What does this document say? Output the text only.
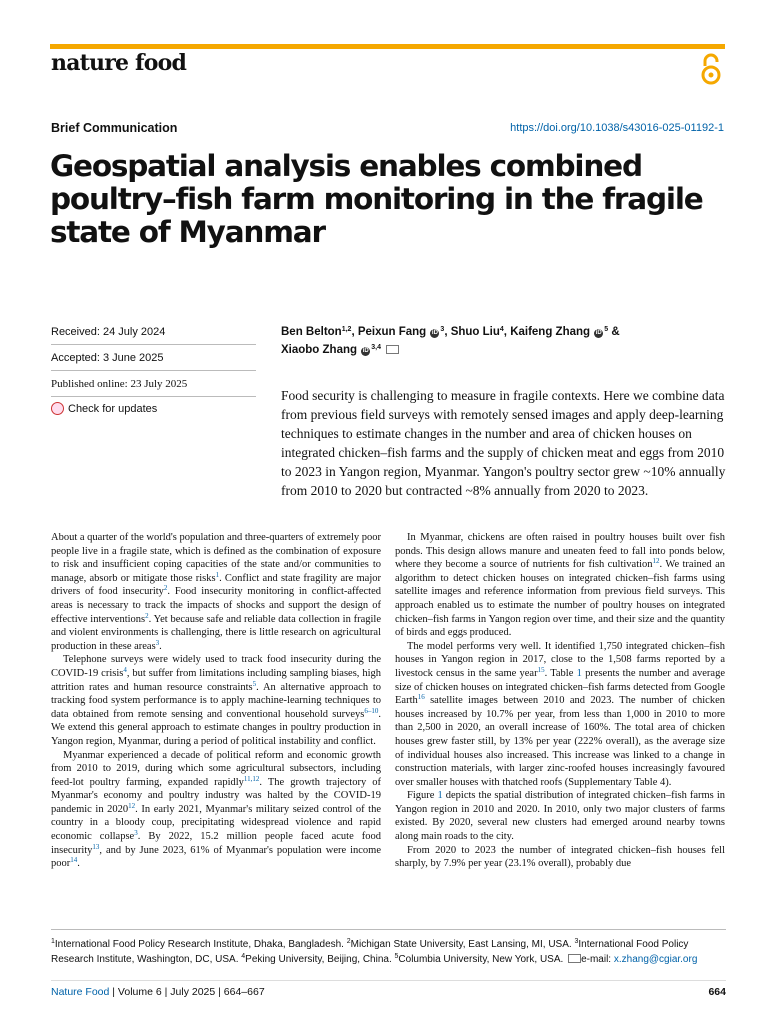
nature food
Brief Communication	https://doi.org/10.1038/s43016-025-01192-1
Geospatial analysis enables combined poultry–fish farm monitoring in the fragile state of Myanmar
Received: 24 July 2024
Accepted: 3 June 2025
Published online: 23 July 2025
Check for updates
Ben Belton$^{1,2}$, Peixun Fang iD $^3$, Shuo Liu$^4$, Kaifeng Zhang iD $^5$ &
Xiaobo Zhang iD $^{3,4}$

Food security is challenging to measure in fragile contexts. Here we combine data from previous field surveys with remotely sensed images and apply deep-learning techniques to estimate changes in the number and area of chicken houses on integrated chicken–fish farms and the supply of chicken meat and eggs from 2010 to 2023 in Yangon region, Myanmar. Yangon's poultry sector grew ~10% annually from 2010 to 2020 but contracted ~8% annually from 2020 to 2023.

About a quarter of the world's population and three-quarters of extremely poor people live in a fragile state, which is defined as the combination of exposure to risk and insufficient coping capacities of the state and/or communities to manage, absorb or mitigate those risks$^1$. Conflict and state fragility are major drivers of food insecurity$^2$. Food insecurity monitoring in conflict-affected areas is necessary to track the impacts of shocks and support the design of effective interventions$^2$. Yet because safe and reliable data collection in fragile and violent environments is challenging, there is little research on agricultural production in these areas$^3$.

Telephone surveys were widely used to track food insecurity during the COVID-19 crisis$^4$, but suffer from limitations including sampling biases, high attrition rates and human resource constraints$^5$. An alternative approach to tracking food system performance is to apply machine-learning techniques to data obtained from remote sensing and conventional household surveys$^{6-10}$. We extend this general approach to estimate changes in poultry production in Yangon region, Myanmar, during a period of political instability and conflict.

Myanmar experienced a decade of political reform and economic growth from 2010 to 2019, during which some agricultural subsectors, including feed-lot poultry farming, expanded rapidly$^{11,12}$. The growth trajectory of Myanmar's economy and poultry industry was halted by the COVID-19 pandemic in 2020$^{12}$. In early 2021, Myanmar's military seized control of the country in a bloody coup, precipitating widespread violence and rapid economic collapse$^3$. By 2022, 15.2 million people faced acute food insecurity$^{13}$, and by June 2023, 61% of Myanmar's population were income poor$^{14}$.

In Myanmar, chickens are often raised in poultry houses built over fish ponds. This design allows manure and uneaten feed to fall into ponds below, where they become a source of nutrients for fish cultivation$^{12}$. We trained an algorithm to detect chicken houses on integrated chicken–fish farms using satellite images and reference information from previous field surveys. This approach enabled us to estimate the number of poultry houses on integrated chicken–fish farms in Yangon region over time, and their size and the quantity of birds and eggs produced.

The model performs very well. It identified 1,750 integrated chicken–fish houses in Yangon region in 2017, close to the 1,508 farms reported by a livestock census in the same year$^{15}$. Table 1 presents the number and average size of chicken houses on integrated chicken–fish farms detected from Google Earth$^{16}$ satellite images between 2010 and 2023. The number of chicken houses increased by 10.7% per year, from less than 1,000 in 2010 to more than 2,500 in 2020, an overall increase of 160%. The total area of chicken houses grew faster still, by 13% per year (222% overall), as the average size of individual houses also increased. This increase was linked to a change in construction materials, with larger zinc-roofed houses increasingly favoured over smaller houses with thatched roofs (Supplementary Table 4).

Figure 1 depicts the spatial distribution of integrated chicken–fish farms in Yangon region in 2010 and 2020. In 2010, only two major clusters of farms existed. By 2020, several new clusters had emerged around nearby towns along main roads to the city.

From 2020 to 2023 the number of integrated chicken–fish houses fell sharply, by 7.9% per year (23.1% overall), probably due

$^1$International Food Policy Research Institute, Dhaka, Bangladesh. $^2$Michigan State University, East Lansing, MI, USA. $^3$International Food Policy Research Institute, Washington, DC, USA. $^4$Peking University, Beijing, China. $^5$Columbia University, New York, USA. e-mail: x.zhang@cgiar.org
Nature Food | Volume 6 | July 2025 | 664–667	664
